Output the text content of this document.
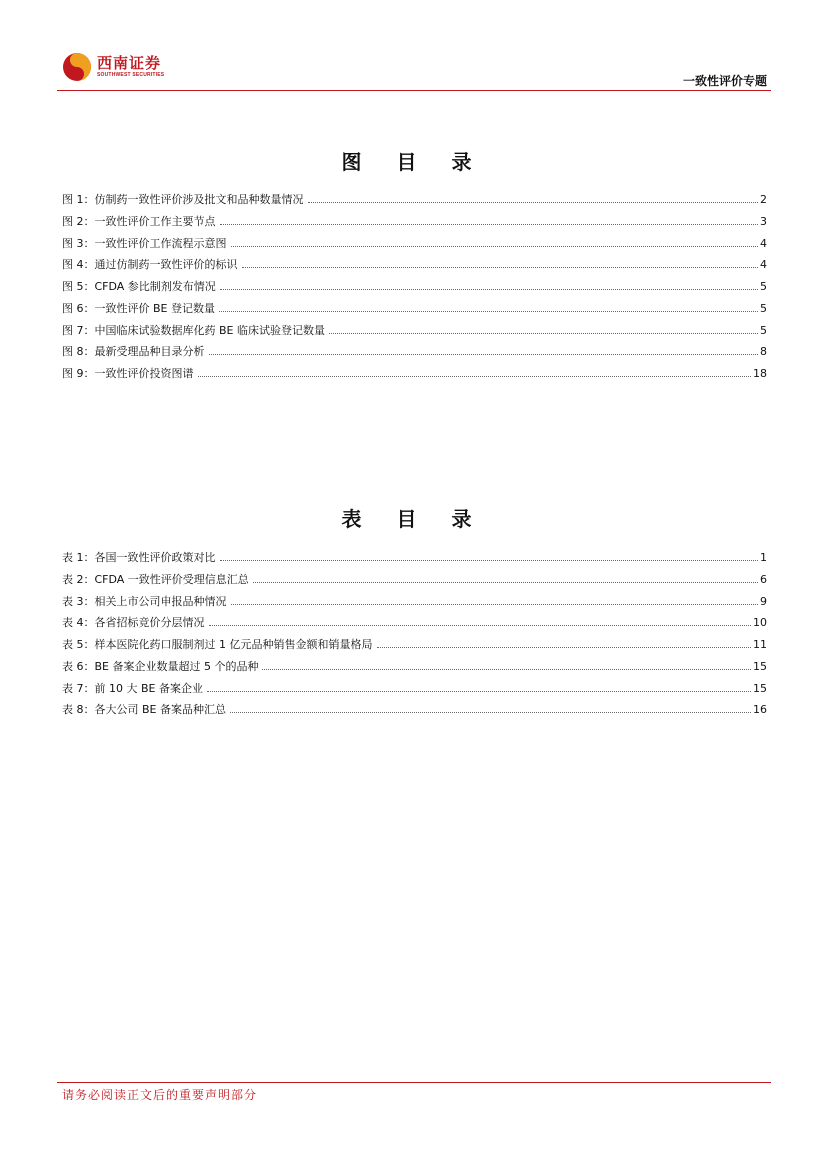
西南证券
SOUTHWEST SECURITIES	一致性评价专题
图 目 录
图 1：仿制药一致性评价涉及批文和品种数量情况	2
图 2：一致性评价工作主要节点	3
图 3：一致性评价工作流程示意图	4
图 4：通过仿制药一致性评价的标识	4
图 5：CFDA 参比制剂发布情况	5
图 6：一致性评价 BE 登记数量	5
图 7：中国临床试验数据库化药 BE 临床试验登记数量	5
图 8：最新受理品种目录分析	8
图 9：一致性评价投资图谱	18
表 目 录
表 1：各国一致性评价政策对比	1
表 2：CFDA 一致性评价受理信息汇总	6
表 3：相关上市公司申报品种情况	9
表 4：各省招标竞价分层情况	10
表 5：样本医院化药口服制剂过 1 亿元品种销售金额和销量格局	11
表 6：BE 备案企业数量超过 5 个的品种	15
表 7：前 10 大 BE 备案企业	15
表 8：各大公司 BE 备案品种汇总	16
请务必阅读正文后的重要声明部分
